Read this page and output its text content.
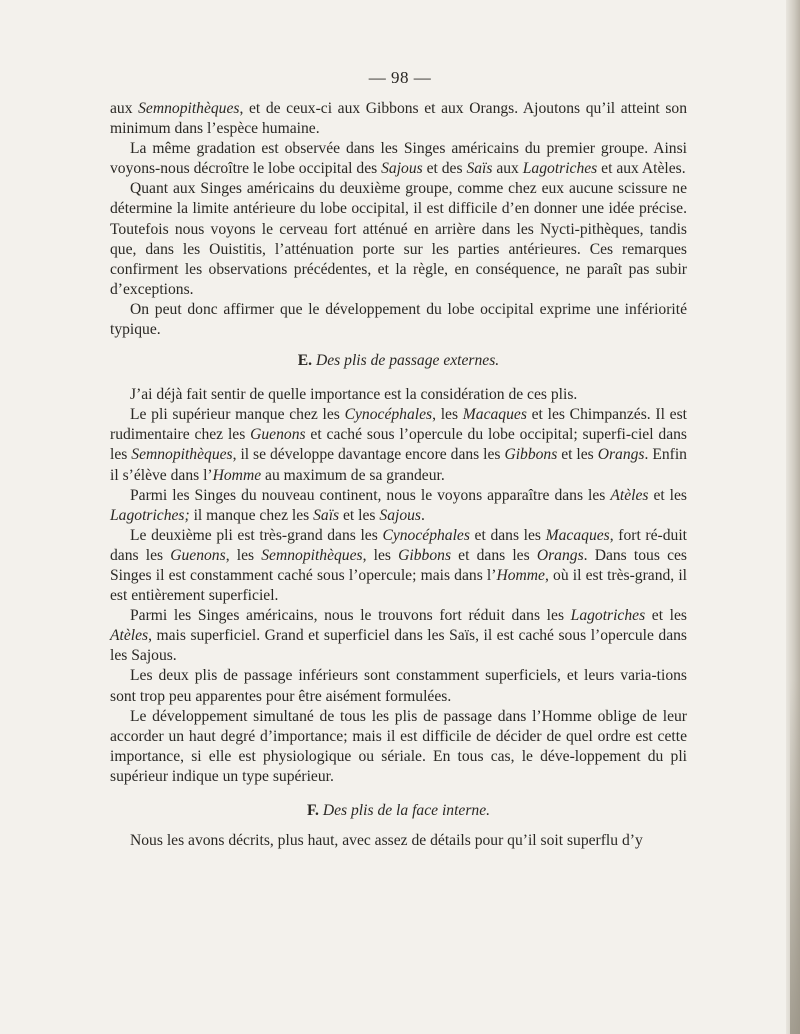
— 98 —

aux Semnopithèques, et de ceux-ci aux Gibbons et aux Orangs. Ajoutons qu’il atteint son minimum dans l’espèce humaine.

La même gradation est observée dans les Singes américains du premier groupe. Ainsi voyons-nous décroître le lobe occipital des Sajous et des Saïs aux Lagotriches et aux Atèles.

Quant aux Singes américains du deuxième groupe, comme chez eux aucune scissure ne détermine la limite antérieure du lobe occipital, il est difficile d’en donner une idée précise. Toutefois nous voyons le cerveau fort atténué en arrière dans les Nycti-pithèques, tandis que, dans les Ouistitis, l’atténuation porte sur les parties antérieures. Ces remarques confirment les observations précédentes, et la règle, en conséquence, ne paraît pas subir d’exceptions.

On peut donc affirmer que le développement du lobe occipital exprime une infériorité typique.

E. Des plis de passage externes.

J’ai déjà fait sentir de quelle importance est la considération de ces plis.

Le pli supérieur manque chez les Cynocéphales, les Macaques et les Chimpanzés. Il est rudimentaire chez les Guenons et caché sous l’opercule du lobe occipital; superfi-ciel dans les Semnopithèques, il se développe davantage encore dans les Gibbons et les Orangs. Enfin il s’élève dans l’Homme au maximum de sa grandeur.

Parmi les Singes du nouveau continent, nous le voyons apparaître dans les Atèles et les Lagotriches; il manque chez les Saïs et les Sajous.

Le deuxième pli est très-grand dans les Cynocéphales et dans les Macaques, fort ré-duit dans les Guenons, les Semnopithèques, les Gibbons et dans les Orangs. Dans tous ces Singes il est constamment caché sous l’opercule; mais dans l’Homme, où il est très-grand, il est entièrement superficiel.

Parmi les Singes américains, nous le trouvons fort réduit dans les Lagotriches et les Atèles, mais superficiel. Grand et superficiel dans les Saïs, il est caché sous l’opercule dans les Sajous.

Les deux plis de passage inférieurs sont constamment superficiels, et leurs varia-tions sont trop peu apparentes pour être aisément formulées.

Le développement simultané de tous les plis de passage dans l’Homme oblige de leur accorder un haut degré d’importance; mais il est difficile de décider de quel ordre est cette importance, si elle est physiologique ou sériale. En tous cas, le déve-loppement du pli supérieur indique un type supérieur.

F. Des plis de la face interne.

Nous les avons décrits, plus haut, avec assez de détails pour qu’il soit superflu d’y
